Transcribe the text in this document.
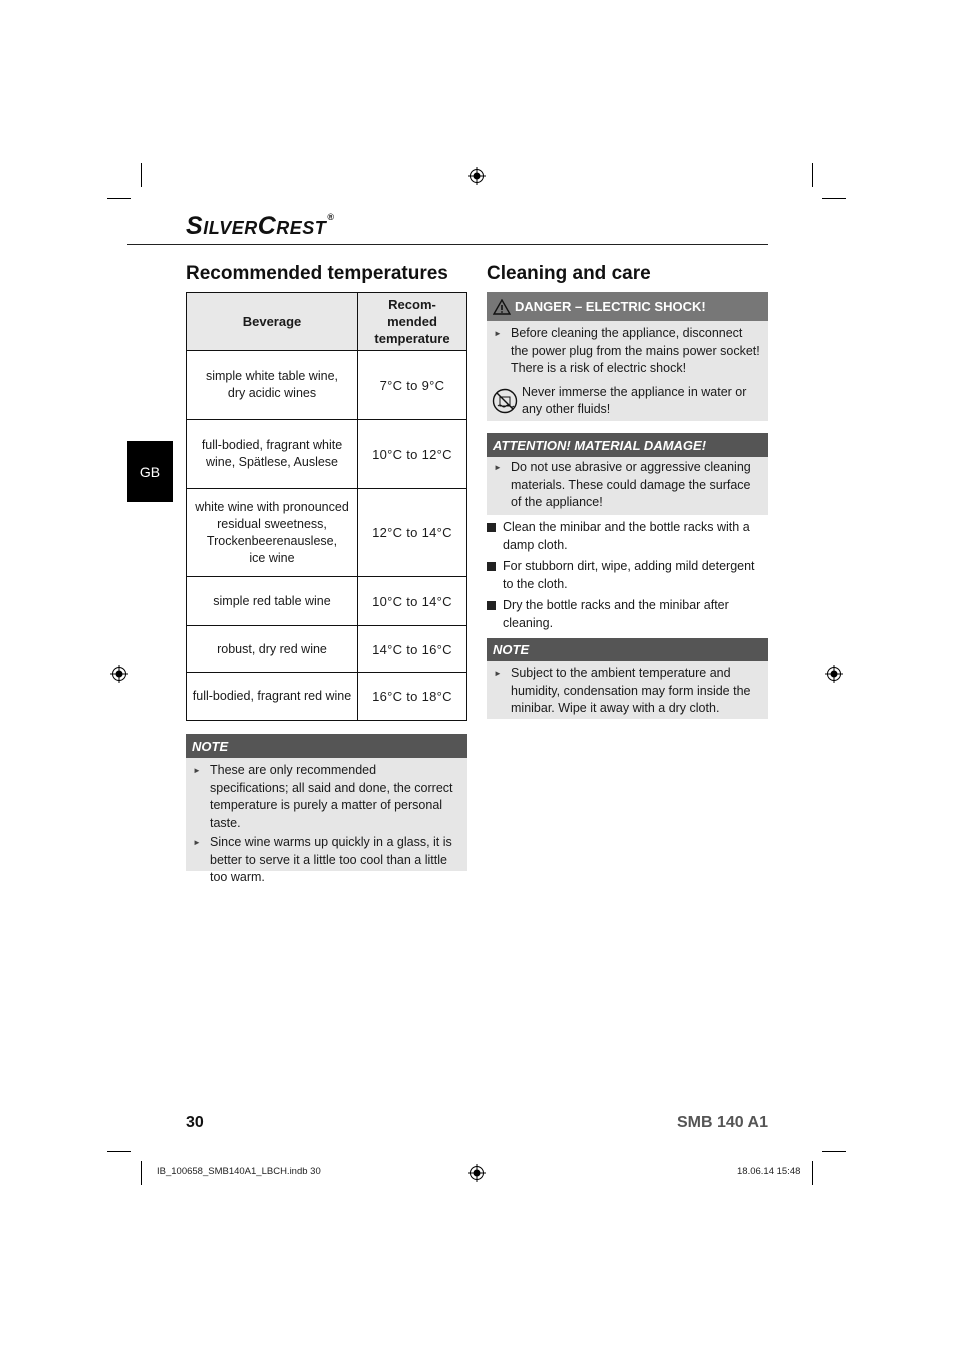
SILVERCREST®
GB
Recommended temperatures
Beverage	Recom-
mended
temperature
simple white table wine,
dry acidic wines	7°C to 9°C
full-bodied, fragrant white
wine, Spätlese, Auslese	10°C to 12°C
white wine with pronounced
residual sweetness,
Trockenbeerenauslese,
ice wine	12°C to 14°C
simple red table wine	10°C to 14°C
robust, dry red wine	14°C to 16°C
full-bodied, fragrant red wine	16°C to 18°C
NOTE

► These are only recommended specifications; all said and done, the correct temperature is purely a matter of personal taste.

► Since wine warms up quickly in a glass, it is better to serve it a little too cool than a little too warm.

Cleaning and care
DANGER – ELECTRIC SHOCK!

► Before cleaning the appliance, disconnect the power plug from the mains power socket! There is a risk of electric shock!

Never immerse the appliance in water or any other fluids!
ATTENTION! MATERIAL DAMAGE!

► Do not use abrasive or aggressive cleaning materials. These could damage the surface of the appliance!

Clean the minibar and the bottle racks with a damp cloth.
For stubborn dirt, wipe, adding mild detergent to the cloth.
Dry the bottle racks and the minibar after cleaning.
NOTE

► Subject to the ambient temperature and humidity, condensation may form inside the minibar. Wipe it away with a dry cloth.

30	SMB 140 A1
IB_100658_SMB140A1_LBCH.indb 30	18.06.14 15:48
